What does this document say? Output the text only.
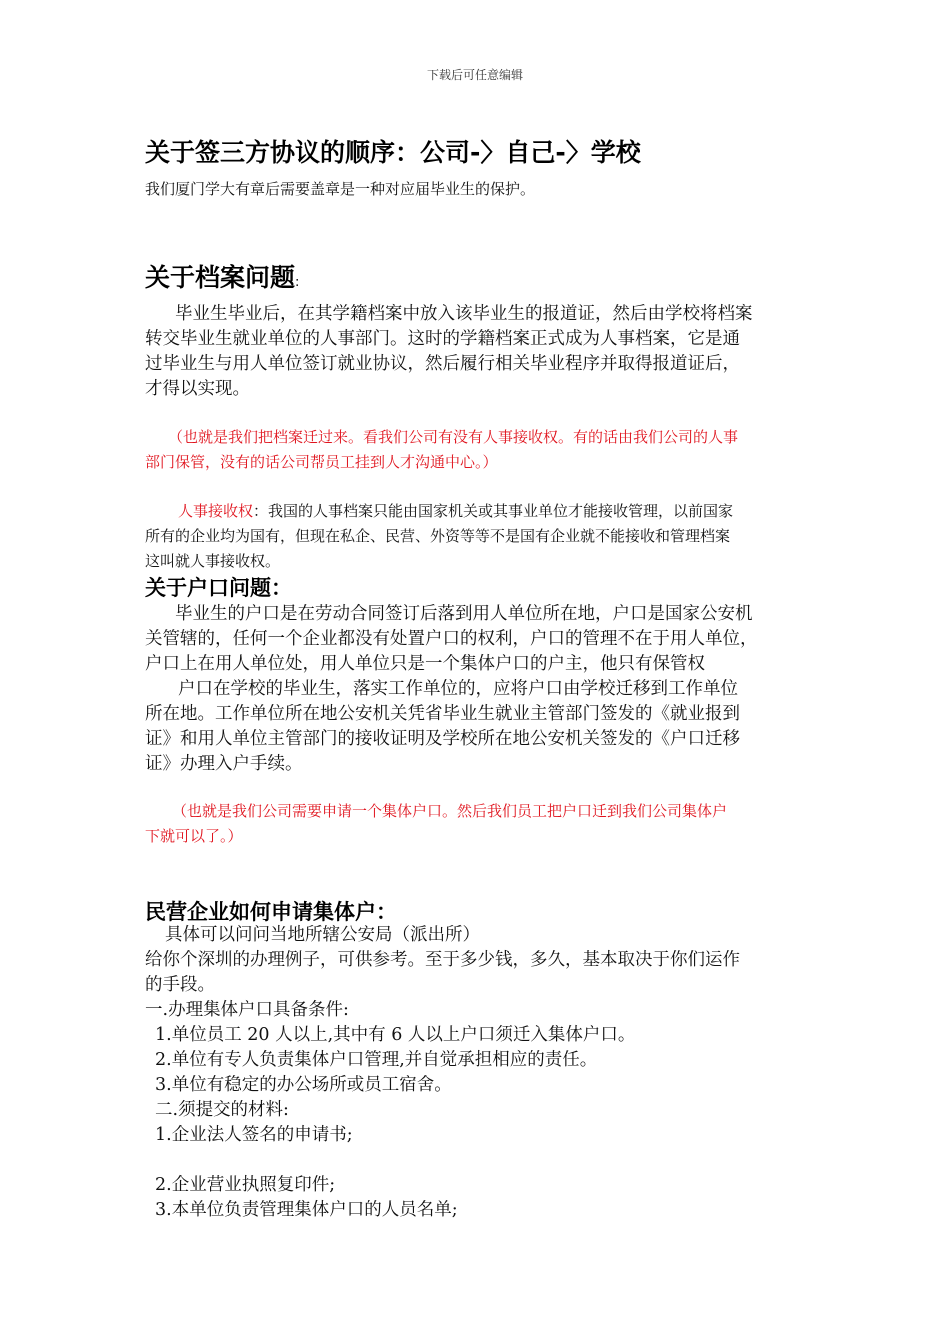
下载后可任意编辑
关于签三方协议的顺序：公司-〉自己-〉学校
我们厦门学大有章后需要盖章是一种对应届毕业生的保护。
关于档案问题:
毕业生毕业后，在其学籍档案中放入该毕业生的报道证，然后由学校将档案
转交毕业生就业单位的人事部门。这时的学籍档案正式成为人事档案，它是通
过毕业生与用人单位签订就业协议，然后履行相关毕业程序并取得报道证后，
才得以实现。
（也就是我们把档案迁过来。看我们公司有没有人事接收权。有的话由我们公司的人事
部门保管，没有的话公司帮员工挂到人才沟通中心。）
人事接收权：我国的人事档案只能由国家机关或其事业单位才能接收管理，以前国家
所有的企业均为国有，但现在私企、民营、外资等等不是国有企业就不能接收和管理档案
这叫就人事接收权。
关于户口问题：
毕业生的户口是在劳动合同签订后落到用人单位所在地，户口是国家公安机
关管辖的，任何一个企业都没有处置户口的权利，户口的管理不在于用人单位，
户口上在用人单位处，用人单位只是一个集体户口的户主，他只有保管权
户口在学校的毕业生，落实工作单位的，应将户口由学校迁移到工作单位
所在地。工作单位所在地公安机关凭省毕业生就业主管部门签发的《就业报到
证》和用人单位主管部门的接收证明及学校所在地公安机关签发的《户口迁移
证》办理入户手续。
（也就是我们公司需要申请一个集体户口。然后我们员工把户口迁到我们公司集体户
下就可以了。）
民营企业如何申请集体户：
具体可以问问当地所辖公安局（派出所）
给你个深圳的办理例子，可供参考。至于多少钱，多久，基本取决于你们运作
的手段。
一.办理集体户口具备条件:
1.单位员工 20 人以上,其中有 6 人以上户口须迁入集体户口。
2.单位有专人负责集体户口管理,并自觉承担相应的责任。
3.单位有稳定的办公场所或员工宿舍。
二.须提交的材料:
1.企业法人签名的申请书;
2.企业营业执照复印件;
3.本单位负责管理集体户口的人员名单;
